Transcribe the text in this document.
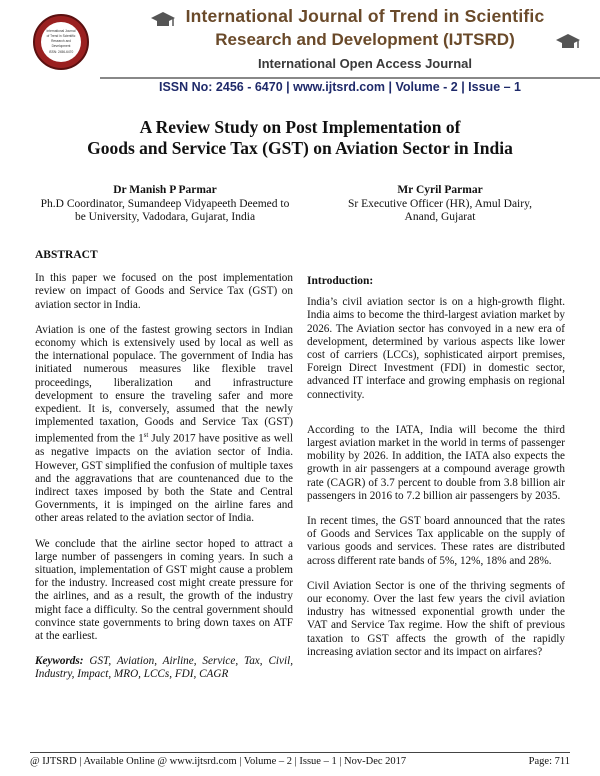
International Journal
of Trend in Scientific
Research and
Development
ISSN: 2456-6470
International Journal of Trend in Scientific
Research and Development (IJTSRD)
International Open Access Journal
ISSN No: 2456 - 6470 | www.ijtsrd.com | Volume - 2 | Issue – 1
A Review Study on Post Implementation of
Goods and Service Tax (GST) on Aviation Sector in India
Dr Manish P Parmar
Ph.D Coordinator, Sumandeep Vidyapeeth Deemed to
be University, Vadodara, Gujarat, India
Mr Cyril Parmar
Sr Executive Officer (HR), Amul Dairy,
Anand, Gujarat

ABSTRACT

In this paper we focused on the post implementation review on impact of Goods and Service Tax (GST) on aviation sector in India.

Aviation is one of the fastest growing sectors in Indian economy which is extensively used by local as well as the international populace. The government of India has initiated numerous measures like flexible travel proceedings, liberalization and infrastructure development to ensure the traveling safer and more expedient. It is, conversely, assumed that the newly implemented taxation, Goods and Service Tax (GST) implemented from the 1st July 2017 have positive as well as negative impacts on the aviation sector of India. However, GST simplified the confusion of multiple taxes and the aggravations that are countenanced due to the indirect taxes imposed by both the State and Central Governments, it is impinged on the airline fares and other areas related to the aviation sector of India.

We conclude that the airline sector hoped to attract a large number of passengers in coming years. In such a situation, implementation of GST might cause a problem for the industry. Increased cost might create pressure for the airlines, and as a result, the growth of the industry might face a difficulty. So the central government should convince state governments to bring down taxes on ATF at the earliest.

Keywords: GST, Aviation, Airline, Service, Tax, Civil, Industry, Impact, MRO, LCCs, FDI, CAGR

Introduction:

India’s civil aviation sector is on a high-growth flight. India aims to become the third-largest aviation market by 2026. The Aviation sector has convoyed in a new era of development, determined by various aspects like lower cost of carriers (LCCs), sophisticated airport premises, Foreign Direct Investment (FDI) in domestic sector, advanced IT interface and growing emphasis on regional connectivity.

According to the IATA, India will become the third largest aviation market in the world in terms of passenger mobility by 2026. In addition, the IATA also expects the growth in air passengers at a compound average growth rate (CAGR) of 3.7 percent to double from 3.8 billion air passengers in 2016 to 7.2 billion air passengers by 2035.

In recent times, the GST board announced that the rates of Goods and Services Tax applicable on the supply of various goods and services. These rates are distributed across different rate bands of 5%, 12%, 18% and 28%.

Civil Aviation Sector is one of the thriving segments of our economy. Over the last few years the civil aviation industry has witnessed exponential growth under the VAT and Service Tax regime. How the shift of previous taxation to GST affects the growth of the rapidly increasing aviation sector and its impact on airfares?

@ IJTSRD | Available Online @ www.ijtsrd.com | Volume – 2 | Issue – 1 | Nov-Dec 2017	Page: 711
